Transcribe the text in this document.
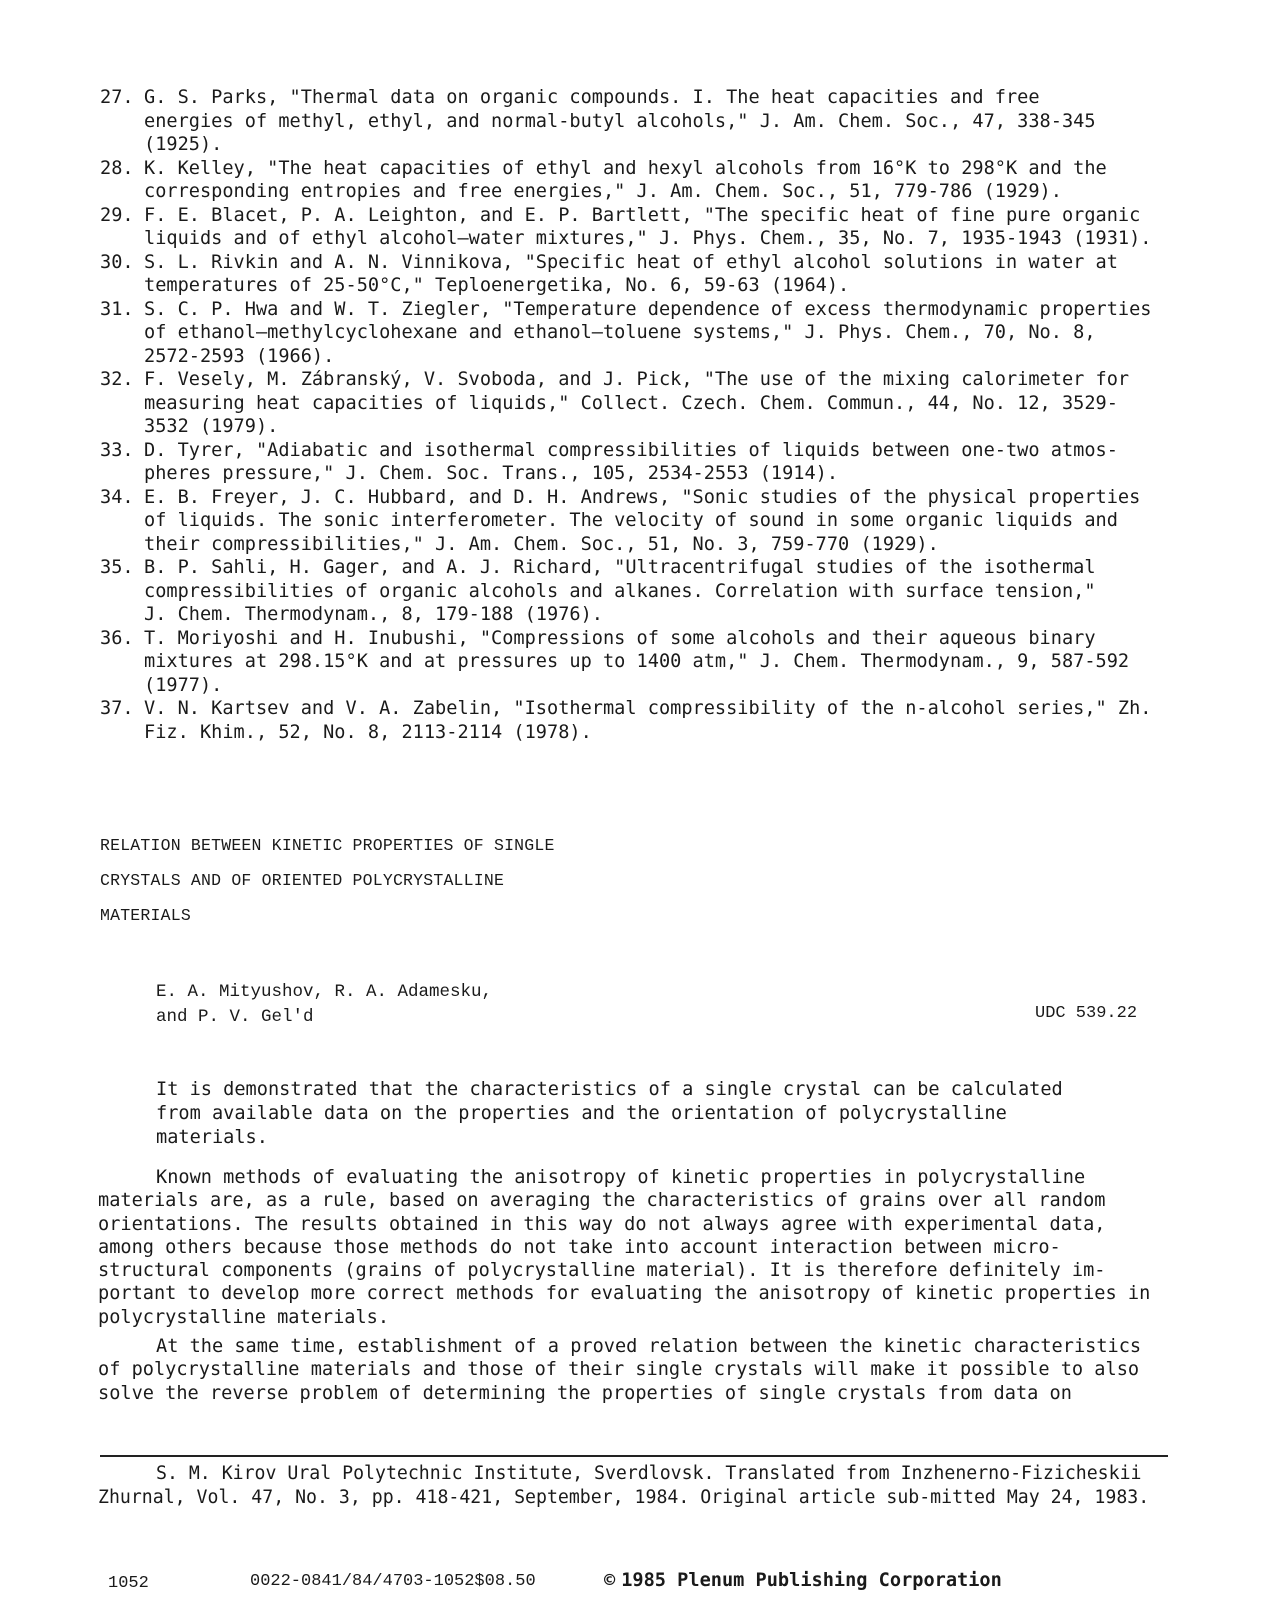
27. G. S. Parks, "Thermal data on organic compounds. I. The heat capacities and free
energies of methyl, ethyl, and normal-butyl alcohols," J. Am. Chem. Soc., 47, 338-345
(1925).
28. K. Kelley, "The heat capacities of ethyl and hexyl alcohols from 16°K to 298°K and the
corresponding entropies and free energies," J. Am. Chem. Soc., 51, 779-786 (1929).
29. F. E. Blacet, P. A. Leighton, and E. P. Bartlett, "The specific heat of fine pure organic
liquids and of ethyl alcohol—water mixtures," J. Phys. Chem., 35, No. 7, 1935-1943 (1931).
30. S. L. Rivkin and A. N. Vinnikova, "Specific heat of ethyl alcohol solutions in water at
temperatures of 25-50°C," Teploenergetika, No. 6, 59-63 (1964).
31. S. C. P. Hwa and W. T. Ziegler, "Temperature dependence of excess thermodynamic properties
of ethanol—methylcyclohexane and ethanol—toluene systems," J. Phys. Chem., 70, No. 8,
2572-2593 (1966).
32. F. Vesely, M. Zábranský, V. Svoboda, and J. Pick, "The use of the mixing calorimeter for
measuring heat capacities of liquids," Collect. Czech. Chem. Commun., 44, No. 12, 3529-
3532 (1979).
33. D. Tyrer, "Adiabatic and isothermal compressibilities of liquids between one-two atmos-
pheres pressure," J. Chem. Soc. Trans., 105, 2534-2553 (1914).
34. E. B. Freyer, J. C. Hubbard, and D. H. Andrews, "Sonic studies of the physical properties
of liquids. The sonic interferometer. The velocity of sound in some organic liquids and
their compressibilities," J. Am. Chem. Soc., 51, No. 3, 759-770 (1929).
35. B. P. Sahli, H. Gager, and A. J. Richard, "Ultracentrifugal studies of the isothermal
compressibilities of organic alcohols and alkanes. Correlation with surface tension,"
J. Chem. Thermodynam., 8, 179-188 (1976).
36. T. Moriyoshi and H. Inubushi, "Compressions of some alcohols and their aqueous binary
mixtures at 298.15°K and at pressures up to 1400 atm," J. Chem. Thermodynam., 9, 587-592
(1977).
37. V. N. Kartsev and V. A. Zabelin, "Isothermal compressibility of the n-alcohol series," Zh.
Fiz. Khim., 52, No. 8, 2113-2114 (1978).
RELATION BETWEEN KINETIC PROPERTIES OF SINGLE
CRYSTALS AND OF ORIENTED POLYCRYSTALLINE
MATERIALS
E. A. Mityushov, R. A. Adamesku,
and P. V. Gel'd	UDC 539.22
It is demonstrated that the characteristics of a single crystal can be calculated from available data on the properties and the orientation of polycrystalline materials.
Known methods of evaluating the anisotropy of kinetic properties in polycrystalline materials are, as a rule, based on averaging the characteristics of grains over all random orientations. The results obtained in this way do not always agree with experimental data, among others because those methods do not take into account interaction between micro-structural components (grains of polycrystalline material). It is therefore definitely im-portant to develop more correct methods for evaluating the anisotropy of kinetic properties in polycrystalline materials.
At the same time, establishment of a proved relation between the kinetic characteristics of polycrystalline materials and those of their single crystals will make it possible to also solve the reverse problem of determining the properties of single crystals from data on
S. M. Kirov Ural Polytechnic Institute, Sverdlovsk. Translated from Inzhenerno-Fizicheskii Zhurnal, Vol. 47, No. 3, pp. 418-421, September, 1984. Original article sub-mitted May 24, 1983.
1052	0022-0841/84/4703-1052$08.50	© 1985 Plenum Publishing Corporation
